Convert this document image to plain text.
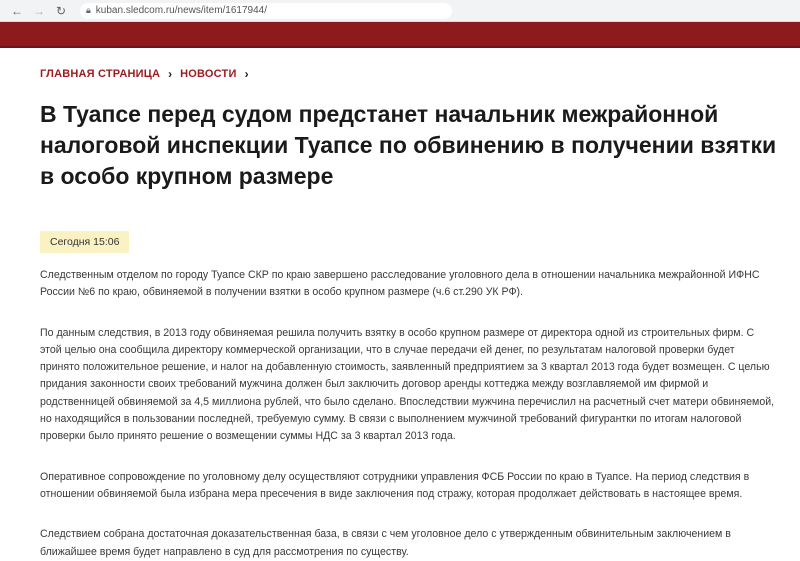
← → ↻	🔒︎ kuban.sledcom.ru/news/item/1617944/
ГЛАВНАЯ СТРАНИЦА › НОВОСТИ ›
В Туапсе перед судом предстанет начальник межрайонной налоговой инспекции Туапсе по обвинению в получении взятки в особо крупном размере
Сегодня 15:06

Следственным отделом по городу Туапсе СКР по краю завершено расследование уголовного дела в отношении начальника межрайонной ИФНС России №6 по краю, обвиняемой в получении взятки в особо крупном размере (ч.6 ст.290 УК РФ).

По данным следствия, в 2013 году обвиняемая решила получить взятку в особо крупном размере от директора одной из строительных фирм. С этой целью она сообщила директору коммерческой организации, что в случае передачи ей денег, по результатам налоговой проверки будет принято положительное решение, и налог на добавленную стоимость, заявленный предприятием за 3 квартал 2013 года будет возмещен. С целью придания законности своих требований мужчина должен был заключить договор аренды коттеджа между возглавляемой им фирмой и родственницей обвиняемой за 4,5 миллиона рублей, что было сделано. Впоследствии мужчина перечислил на расчетный счет матери обвиняемой, но находящийся в пользовании последней, требуемую сумму. В связи с выполнением мужчиной требований фигурантки по итогам налоговой проверки было принято решение о возмещении суммы НДС за 3 квартал 2013 года.

Оперативное сопровождение по уголовному делу осуществляют сотрудники управления ФСБ России по краю в Туапсе. На период следствия в отношении обвиняемой была избрана мера пресечения в виде заключения под стражу, которая продолжает действовать в настоящее время.

Следствием собрана достаточная доказательственная база, в связи с чем уголовное дело с утвержденным обвинительным заключением в ближайшее время будет направлено в суд для рассмотрения по существу.
